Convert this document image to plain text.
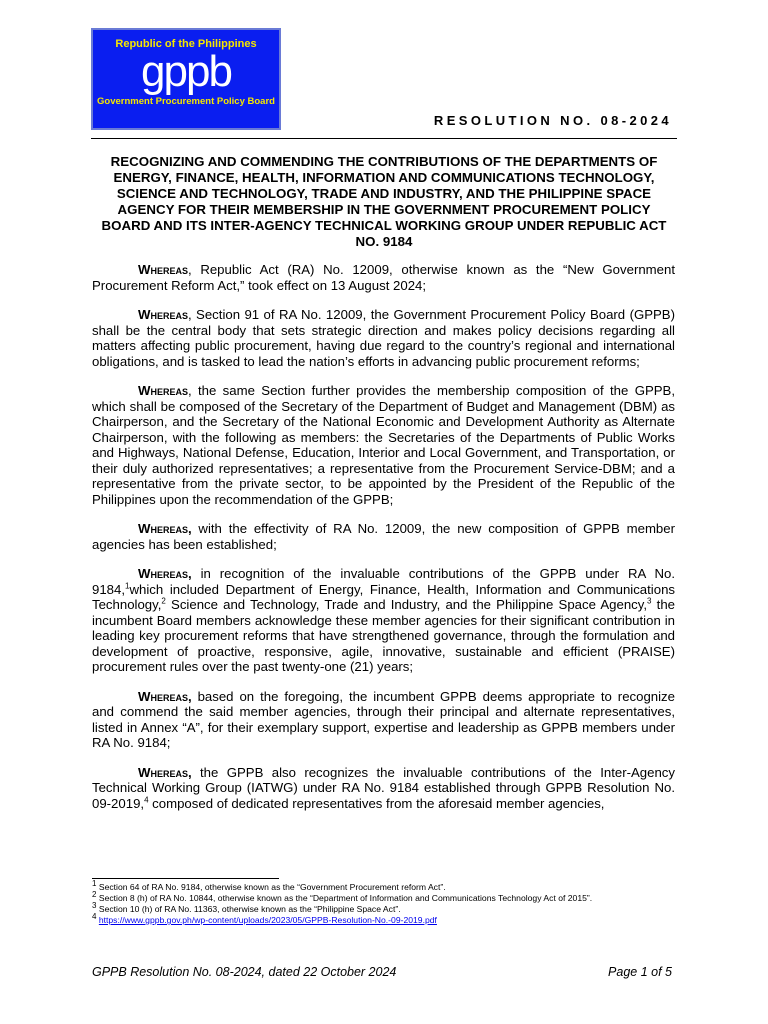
Republic of the Philippines
gppb
Government Procurement Policy Board
RESOLUTION NO. 08-2024
RECOGNIZING AND COMMENDING THE CONTRIBUTIONS OF THE DEPARTMENTS OF ENERGY, FINANCE, HEALTH, INFORMATION AND COMMUNICATIONS TECHNOLOGY, SCIENCE AND TECHNOLOGY, TRADE AND INDUSTRY, AND THE PHILIPPINE SPACE AGENCY FOR THEIR MEMBERSHIP IN THE GOVERNMENT PROCUREMENT POLICY BOARD AND ITS INTER-AGENCY TECHNICAL WORKING GROUP UNDER REPUBLIC ACT NO. 9184

Whereas, Republic Act (RA) No. 12009, otherwise known as the “New Government Procurement Reform Act,” took effect on 13 August 2024;

Whereas, Section 91 of RA No. 12009, the Government Procurement Policy Board (GPPB) shall be the central body that sets strategic direction and makes policy decisions regarding all matters affecting public procurement, having due regard to the country’s regional and international obligations, and is tasked to lead the nation’s efforts in advancing public procurement reforms;

Whereas, the same Section further provides the membership composition of the GPPB, which shall be composed of the Secretary of the Department of Budget and Management (DBM) as Chairperson, and the Secretary of the National Economic and Development Authority as Alternate Chairperson, with the following as members: the Secretaries of the Departments of Public Works and Highways, National Defense, Education, Interior and Local Government, and Transportation, or their duly authorized representatives; a representative from the Procurement Service-DBM; and a representative from the private sector, to be appointed by the President of the Republic of the Philippines upon the recommendation of the GPPB;

Whereas, with the effectivity of RA No. 12009, the new composition of GPPB member agencies has been established;

Whereas, in recognition of the invaluable contributions of the GPPB under RA No. 9184,$^1$which included Department of Energy, Finance, Health, Information and Communications Technology,$^2$ Science and Technology, Trade and Industry, and the Philippine Space Agency,$^3$ the incumbent Board members acknowledge these member agencies for their significant contribution in leading key procurement reforms that have strengthened governance, through the formulation and development of proactive, responsive, agile, innovative, sustainable and efficient (PRAISE) procurement rules over the past twenty-one (21) years;

Whereas, based on the foregoing, the incumbent GPPB deems appropriate to recognize and commend the said member agencies, through their principal and alternate representatives, listed in Annex “A”, for their exemplary support, expertise and leadership as GPPB members under RA No. 9184;

Whereas, the GPPB also recognizes the invaluable contributions of the Inter-Agency Technical Working Group (IATWG) under RA No. 9184 established through GPPB Resolution No. 09-2019,$^4$ composed of dedicated representatives from the aforesaid member agencies,

$^1$ Section 64 of RA No. 9184, otherwise known as the “Government Procurement reform Act”.
$^2$ Section 8 (h) of RA No. 10844, otherwise known as the “Department of Information and Communications Technology Act of 2015”.
$^3$ Section 10 (h) of RA No. 11363, otherwise known as the “Philippine Space Act”.
$^4$ https://www.gppb.gov.ph/wp-content/uploads/2023/05/GPPB-Resolution-No.-09-2019.pdf
GPPB Resolution No. 08-2024, dated 22 October 2024	Page 1 of 5
